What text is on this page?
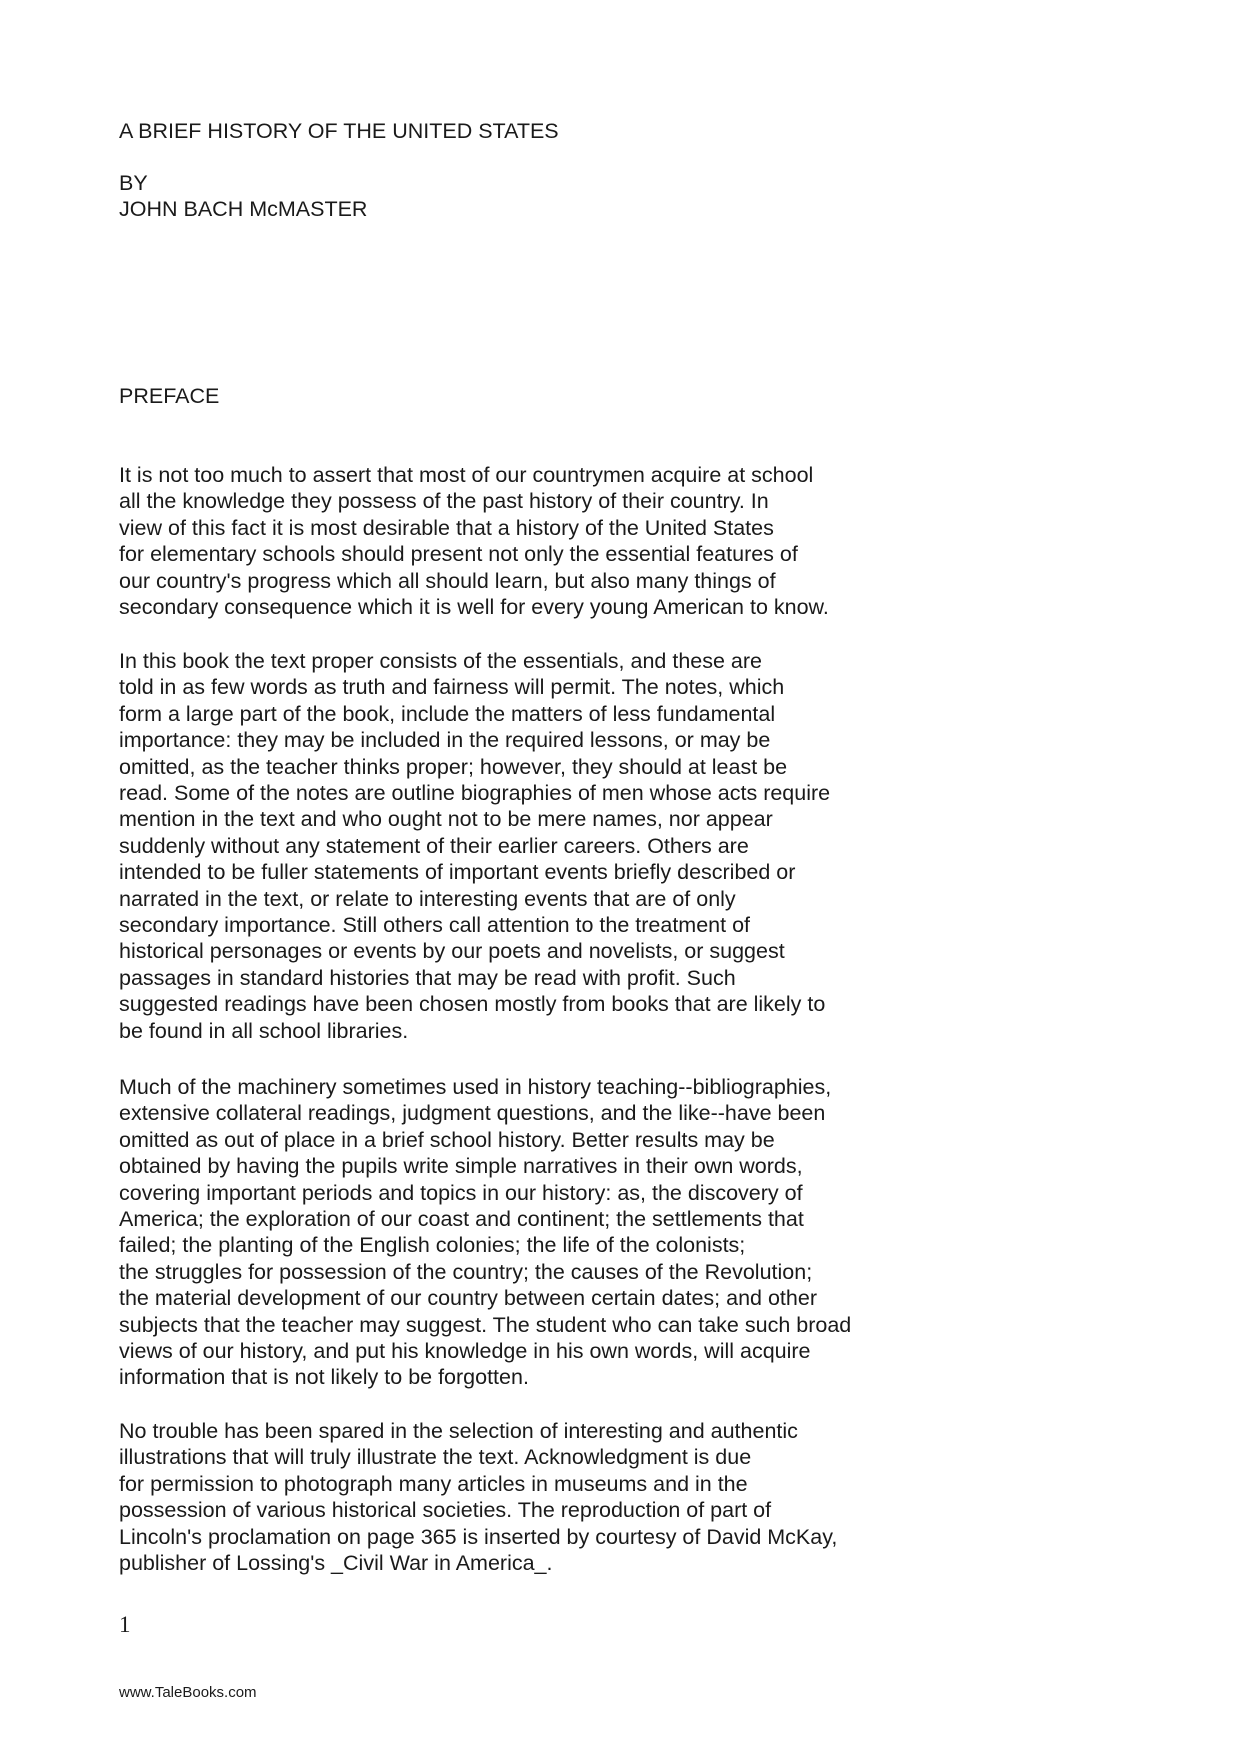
A BRIEF HISTORY OF THE UNITED STATES

BY
JOHN BACH McMASTER

PREFACE

It is not too much to assert that most of our countrymen acquire at school
all the knowledge they possess of the past history of their country. In
view of this fact it is most desirable that a history of the United States
for elementary schools should present not only the essential features of
our country's progress which all should learn, but also many things of
secondary consequence which it is well for every young American to know.

In this book the text proper consists of the essentials, and these are
told in as few words as truth and fairness will permit. The notes, which
form a large part of the book, include the matters of less fundamental
importance: they may be included in the required lessons, or may be
omitted, as the teacher thinks proper; however, they should at least be
read. Some of the notes are outline biographies of men whose acts require
mention in the text and who ought not to be mere names, nor appear
suddenly without any statement of their earlier careers. Others are
intended to be fuller statements of important events briefly described or
narrated in the text, or relate to interesting events that are of only
secondary importance. Still others call attention to the treatment of
historical personages or events by our poets and novelists, or suggest
passages in standard histories that may be read with profit. Such
suggested readings have been chosen mostly from books that are likely to
be found in all school libraries.

Much of the machinery sometimes used in history teaching--bibliographies,
extensive collateral readings, judgment questions, and the like--have been
omitted as out of place in a brief school history. Better results may be
obtained by having the pupils write simple narratives in their own words,
covering important periods and topics in our history: as, the discovery of
America; the exploration of our coast and continent; the settlements that
failed; the planting of the English colonies; the life of the colonists;
the struggles for possession of the country; the causes of the Revolution;
the material development of our country between certain dates; and other
subjects that the teacher may suggest. The student who can take such broad
views of our history, and put his knowledge in his own words, will acquire
information that is not likely to be forgotten.

No trouble has been spared in the selection of interesting and authentic
illustrations that will truly illustrate the text. Acknowledgment is due
for permission to photograph many articles in museums and in the
possession of various historical societies. The reproduction of part of
Lincoln's proclamation on page 365 is inserted by courtesy of David McKay,
publisher of Lossing's _Civil War in America_.

1

www.TaleBooks.com
